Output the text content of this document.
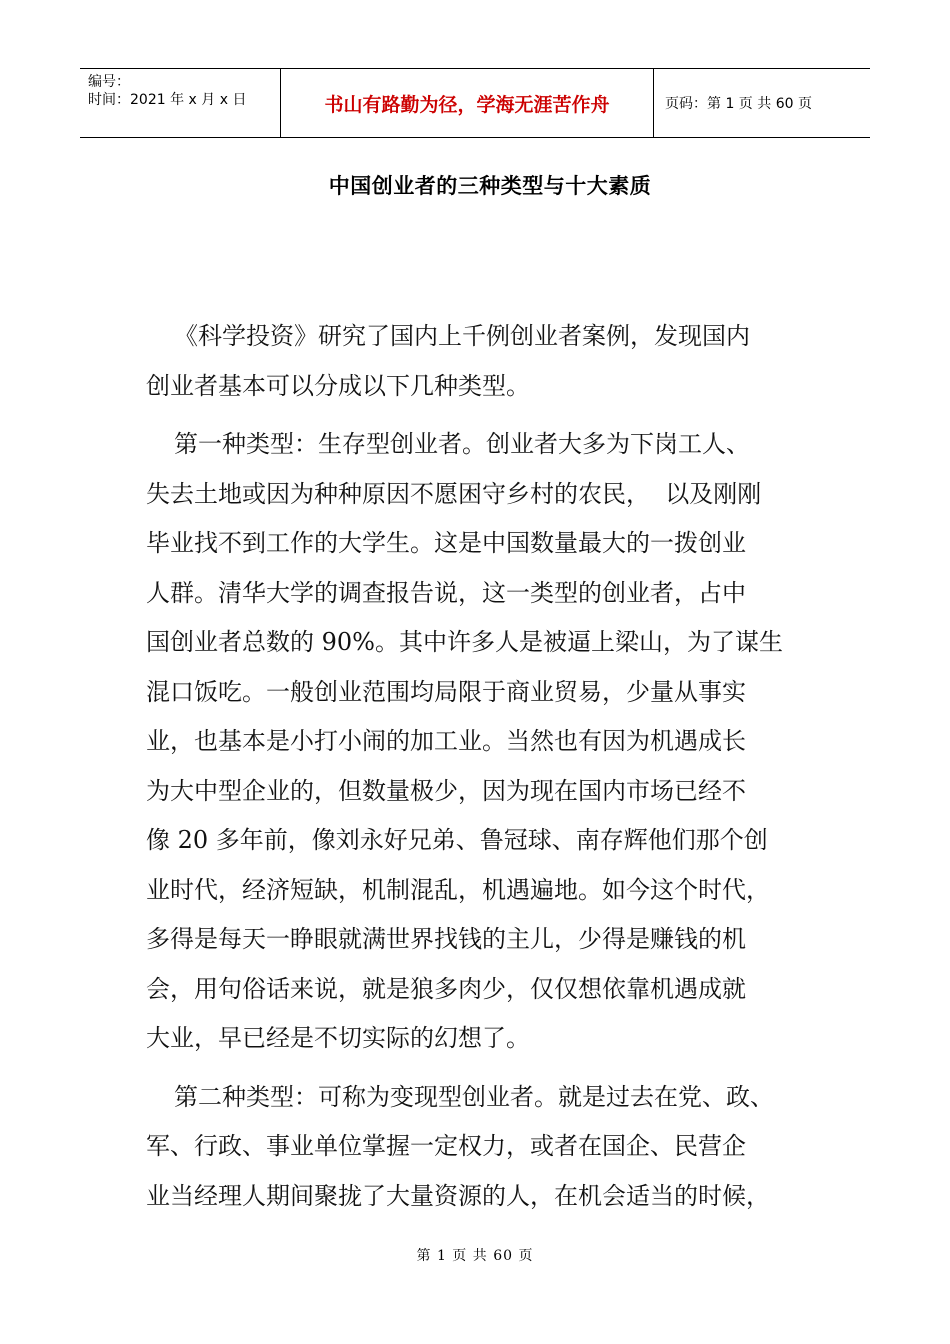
编号：
时间：2021 年 x 月 x 日	书山有路勤为径，学海无涯苦作舟	页码：第 1 页 共 60 页
中国创业者的三种类型与十大素质
《科学投资》研究了国内上千例创业者案例，发现国内
创业者基本可以分成以下几种类型。
第一种类型：生存型创业者。创业者大多为下岗工人、
失去土地或因为种种原因不愿困守乡村的农民，  以及刚刚
毕业找不到工作的大学生。这是中国数量最大的一拨创业
人群。清华大学的调查报告说，这一类型的创业者，占中
国创业者总数的 90%。其中许多人是被逼上梁山，为了谋生
混口饭吃。一般创业范围均局限于商业贸易，少量从事实
业，也基本是小打小闹的加工业。当然也有因为机遇成长
为大中型企业的，但数量极少，因为现在国内市场已经不
像 20 多年前，像刘永好兄弟、鲁冠球、南存辉他们那个创
业时代，经济短缺，机制混乱，机遇遍地。如今这个时代，
多得是每天一睁眼就满世界找钱的主儿，少得是赚钱的机
会，用句俗话来说，就是狼多肉少，仅仅想依靠机遇成就
大业，早已经是不切实际的幻想了。
第二种类型：可称为变现型创业者。就是过去在党、政、
军、行政、事业单位掌握一定权力，或者在国企、民营企
业当经理人期间聚拢了大量资源的人，在机会适当的时候，
第 1 页 共 60 页
